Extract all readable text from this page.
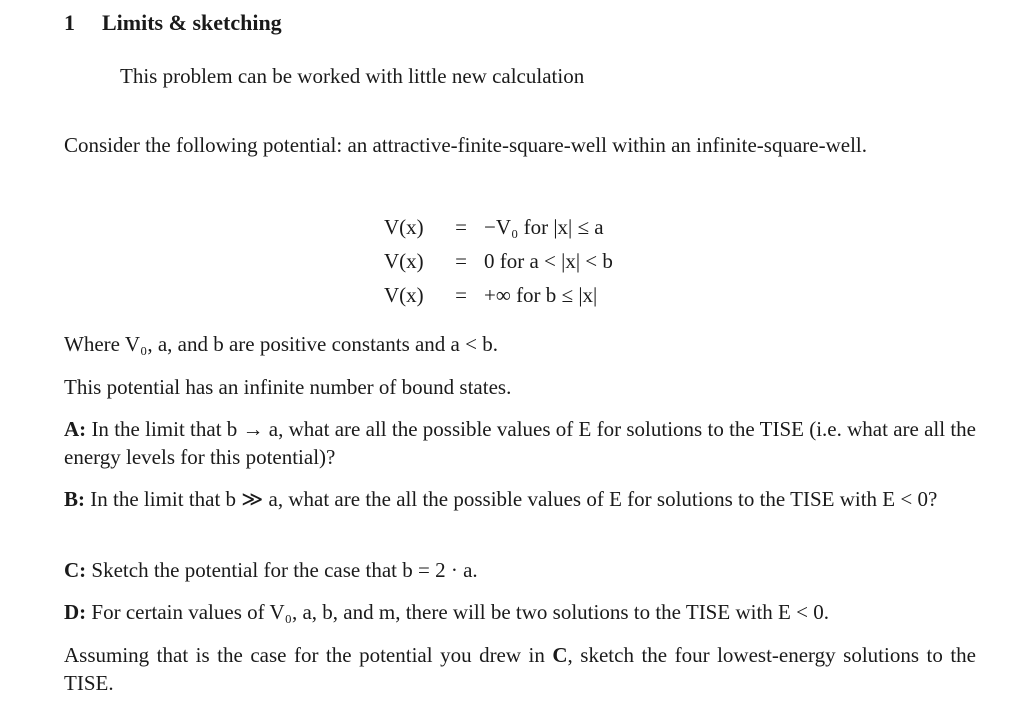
1 Limits & sketching
This problem can be worked with little new calculation
Consider the following potential: an attractive-finite-square-well within an infinite-square-well.
V(x)	= −V₀ for |x| ≤ a
V(x)	= 0 for a < |x| < b
V(x)	= +∞ for b ≤ |x|
Where V₀, a, and b are positive constants and a < b.
This potential has an infinite number of bound states.
A: In the limit that b → a, what are all the possible values of E for solutions to the TISE (i.e. what are all the energy levels for this potential)?
B: In the limit that b ≫ a, what are the all the possible values of E for solutions to the TISE with E < 0?
C: Sketch the potential for the case that b = 2 · a.
D: For certain values of V₀, a, b, and m, there will be two solutions to the TISE with E < 0.
Assuming that is the case for the potential you drew in C, sketch the four lowest-energy solutions to the TISE.
